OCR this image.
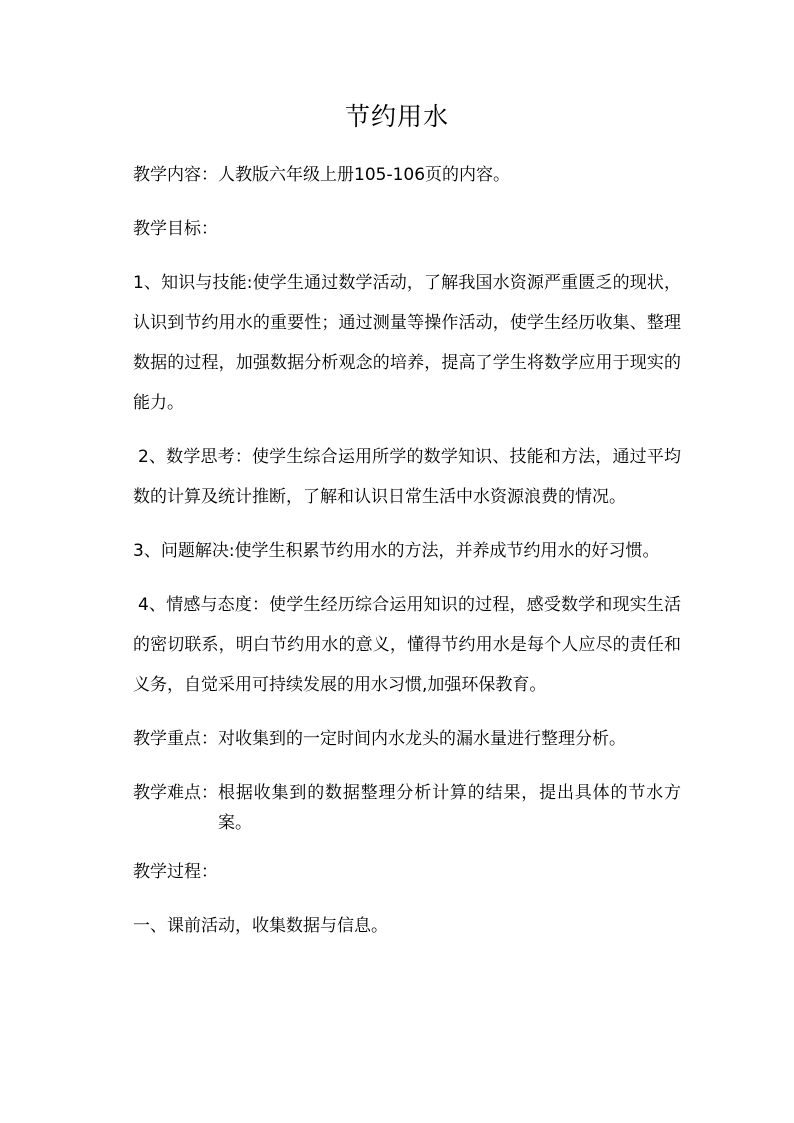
节约用水

教学内容：人教版六年级上册105-106页的内容。

教学目标：

1、知识与技能:使学生通过数学活动，了解我国水资源严重匮乏的现状，认识到节约用水的重要性；通过测量等操作活动，使学生经历收集、整理数据的过程，加强数据分析观念的培养，提高了学生将数学应用于现实的能力。

2、数学思考：使学生综合运用所学的数学知识、技能和方法，通过平均数的计算及统计推断，了解和认识日常生活中水资源浪费的情况。

3、问题解决:使学生积累节约用水的方法，并养成节约用水的好习惯。

4、情感与态度：使学生经历综合运用知识的过程，感受数学和现实生活的密切联系，明白节约用水的意义，懂得节约用水是每个人应尽的责任和义务，自觉采用可持续发展的用水习惯,加强环保教育。

教学重点：对收集到的一定时间内水龙头的漏水量进行整理分析。

教学难点： 根据收集到的数据整理分析计算的结果，提出具体的节水方案。

教学过程：

一、课前活动，收集数据与信息。
